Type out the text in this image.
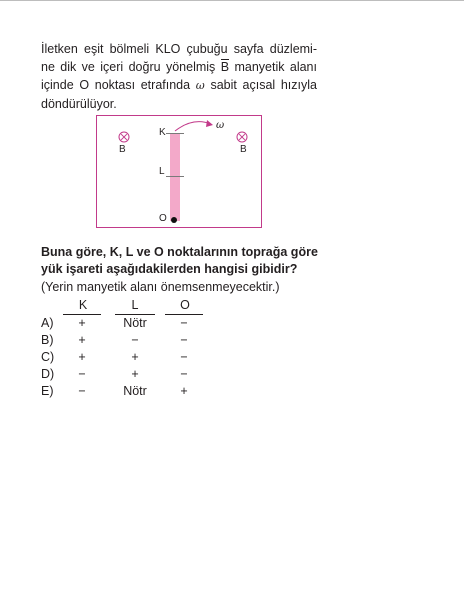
İletken eşit bölmeli KLO çubuğu sayfa düzlemi-
ne dik ve içeri doğru yönelmiş B manyetik alanı
içinde O noktası etrafında ω sabit açısal hızıyla
döndürülüyor.
B	B
ω
K
L
O
Buna göre, K, L ve O noktalarının toprağa göre
yük işareti aşağıdakilerden hangisi gibidir?
(Yerin manyetik alanı önemsenmeyecektir.)
K	L	O
A)	+	Nötr	−
B)	+	−	−
C)	+	+	−
D)	−	+	−
E)	−	Nötr	+
